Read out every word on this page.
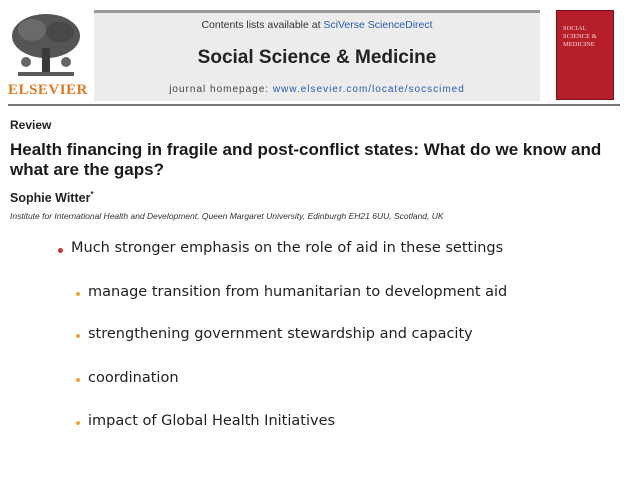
ELSEVIER
Contents lists available at SciVerse ScienceDirect
Social Science & Medicine
journal homepage: www.elsevier.com/locate/socscimed
SOCIAL SCIENCE & MEDICINE
Review
Health financing in fragile and post-conflict states: What do we know and what are the gaps?
Sophie Witter*
Institute for International Health and Development, Queen Margaret University, Edinburgh EH21 6UU, Scotland, UK
Much stronger emphasis on the role of aid in these settings
manage transition from humanitarian to development aid
strengthening government stewardship and capacity
coordination
impact of Global Health Initiatives
